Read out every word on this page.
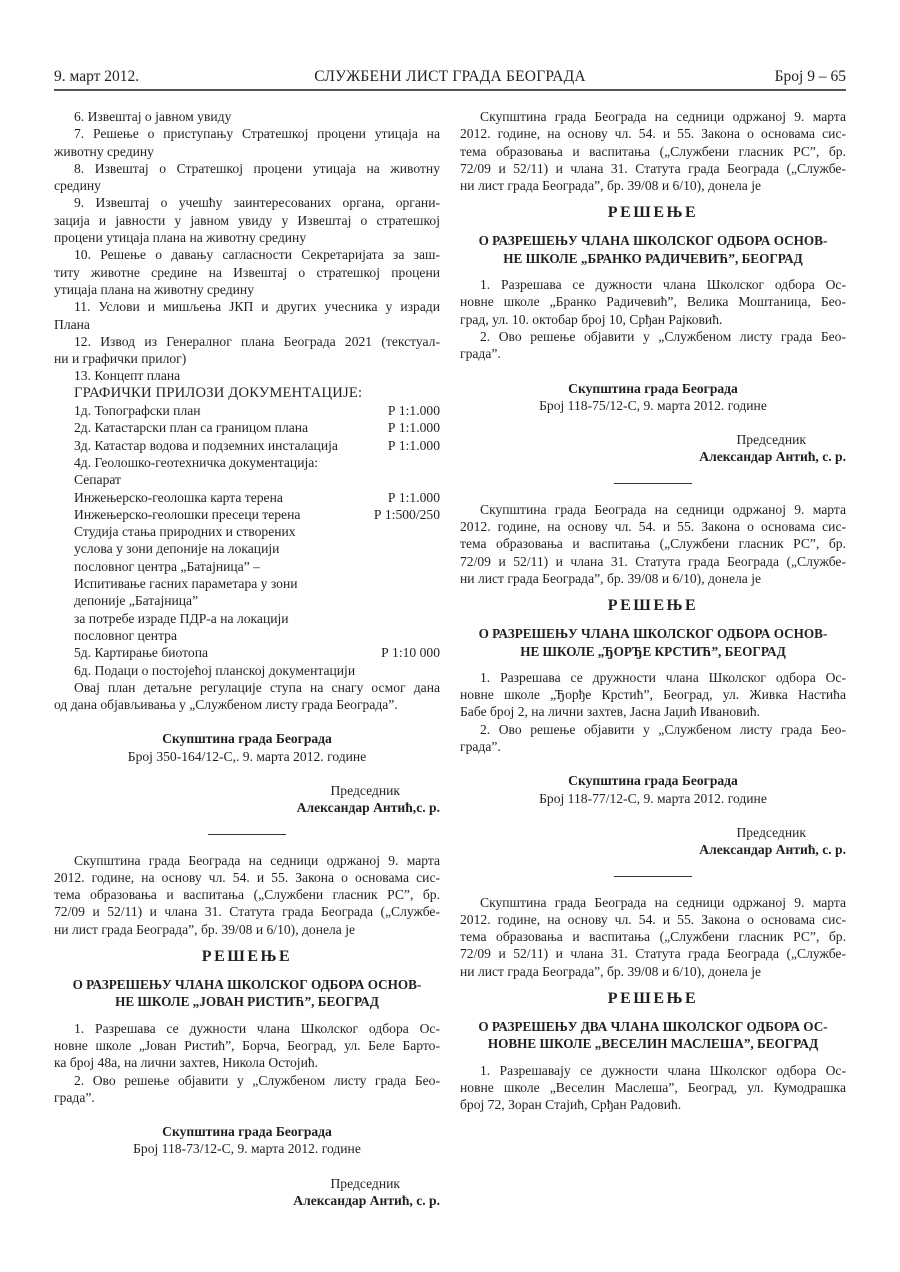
9. март 2012.	СЛУЖБЕНИ ЛИСТ ГРАДА БЕОГРАДА	Број 9 – 65
6. Извештај о јавном увиду
7. Решење о приступању Стратешкој процени утицаја на
животну средину
8. Извештај о Стратешкој процени утицаја на животну
средину
9. Извештај о учешћу заинтересованих органа, органи-
зација и јавности у јавном увиду у Извештај о стратешкој
процени утицаја плана на животну средину
10. Решење о давању сагласности Секретаријата за заш-
титу животне средине на Извештај о стратешкој процени
утицаја плана на животну средину
11. Услови и мишљења ЈКП и других учесника у изради
Плана
12. Извод из Генералног плана Београда 2021 (текстуал-
ни и графички прилог)
13. Концепт плана
ГРАФИЧКИ ПРИЛОЗИ ДОКУМЕНТАЦИЈЕ:
1д. Топографски план	Р 1:1.000
2д. Катастарски план са границом плана	Р 1:1.000
3д. Катастар водова и подземних инсталација	Р 1:1.000
4д. Геолошко-геотехничка документација:
Сепарат
Инжењерско-геолошка карта терена	Р 1:1.000
Инжењерско-геолошки пресеци терена	Р 1:500/250
Студија стања природних и створених
услова у зони депоније на локацији
пословног центра „Батајница” –
Испитивање гасних параметара у зони
депоније „Батајница”
за потребе израде ПДР-а на локацији
пословног центра
5д. Картирање биотопа	Р 1:10 000
6д. Подаци о постојећој планској документацији
Овај план детаљне регулације ступа на снагу осмог дана
од дана објављивања у „Службеном листу града Београда”.
Скупштина града Београда
Број 350-164/12-С,. 9. марта 2012. године
Председник
Александар Антић,с. р.
Скупштина града Београда на седници одржаној 9. марта
2012. године, на основу чл. 54. и 55. Закона о основама сис-
тема образовања и васпитања („Службени гласник РС”, бр.
72/09 и 52/11) и члана 31. Статута града Београда („Службе-
ни лист града Београда”, бр. 39/08 и 6/10), донела је
РЕШЕЊЕ
О РАЗРЕШЕЊУ ЧЛАНА ШКОЛСКОГ ОДБОРА ОСНОВ-
НЕ ШКОЛЕ „ЈОВАН РИСТИЋ”, БЕОГРАД
1. Разрешава се дужности члана Школског одбора Ос-
новне школе „Јован Ристић”, Борча, Београд, ул. Беле Барто-
ка број 48а, на лични захтев, Никола Остојић.
2. Ово решење објавити у „Службеном листу града Бео-
града”.
Скупштина града Београда
Број 118-73/12-С, 9. марта 2012. године
Председник
Александар Антић, с. р.
Скупштина града Београда на седници одржаној 9. марта
2012. године, на основу чл. 54. и 55. Закона о основама сис-
тема образовања и васпитања („Службени гласник РС”, бр.
72/09 и 52/11) и члана 31. Статута града Београда („Службе-
ни лист града Београда”, бр. 39/08 и 6/10), донела је
РЕШЕЊЕ
О РАЗРЕШЕЊУ ЧЛАНА ШКОЛСКОГ ОДБОРА ОСНОВ-
НЕ ШКОЛЕ „БРАНКО РАДИЧЕВИЋ”, БЕОГРАД
1. Разрешава се дужности члана Школског одбора Ос-
новне школе „Бранко Радичевић”, Велика Моштаница, Бео-
град, ул. 10. октобар број 10, Срђан Рајковић.
2. Ово решење објавити у „Службеном листу града Бео-
града”.
Скупштина града Београда
Број 118-75/12-С, 9. марта 2012. године
Председник
Александар Антић, с. р.
Скупштина града Београда на седници одржаној 9. марта
2012. године, на основу чл. 54. и 55. Закона о основама сис-
тема образовања и васпитања („Службени гласник РС”, бр.
72/09 и 52/11) и члана 31. Статута града Београда („Службе-
ни лист града Београда”, бр. 39/08 и 6/10), донела је
РЕШЕЊЕ
О РАЗРЕШЕЊУ ЧЛАНА ШКОЛСКОГ ОДБОРА ОСНОВ-
НЕ ШКОЛЕ „ЂОРЂЕ КРСТИЋ”, БЕОГРАД
1. Разрешава се дружности члана Школског одбора Ос-
новне школе „Ђорђе Крстић”, Београд, ул. Живка Настића
Бабе број 2, на лични захтев, Јасна Јаџић Ивановић.
2. Ово решење објавити у „Службеном листу града Бео-
града”.
Скупштина града Београда
Број 118-77/12-С, 9. марта 2012. године
Председник
Александар Антић, с. р.
Скупштина града Београда на седници одржаној 9. марта
2012. године, на основу чл. 54. и 55. Закона о основама сис-
тема образовања и васпитања („Службени гласник РС”, бр.
72/09 и 52/11) и члана 31. Статута града Београда („Службе-
ни лист града Београда”, бр. 39/08 и 6/10), донела је
РЕШЕЊЕ
О РАЗРЕШЕЊУ ДВА ЧЛАНА ШКОЛСКОГ ОДБОРА ОС-
НОВНЕ ШКОЛЕ „ВЕСЕЛИН МАСЛЕША”, БЕОГРАД
1. Разрешавају се дужности члана Школског одбора Ос-
новне школе „Веселин Маслеша”, Београд, ул. Кумодрашка
број 72, Зоран Стајић, Срђан Радовић.
